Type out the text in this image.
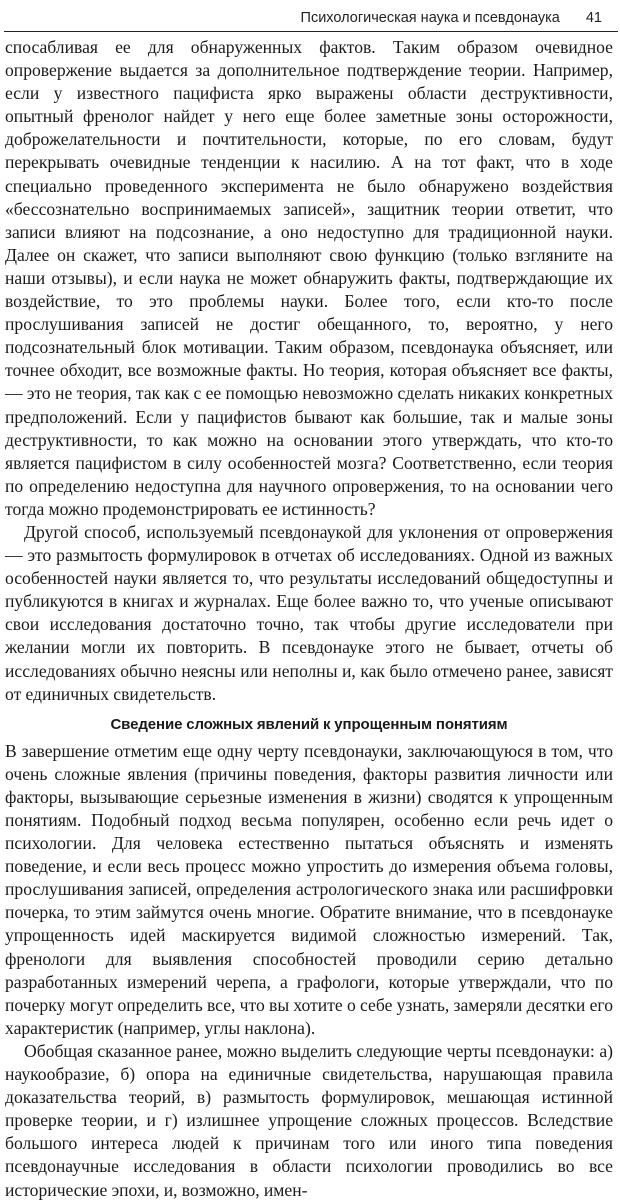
Психологическая наука и псевдонаука 41

спосабливая ее для обнаруженных фактов. Таким образом очевидное опровержение выдается за дополнительное подтверждение теории. Например, если у известного пацифиста ярко выражены области деструктивности, опытный френолог найдет у него еще более заметные зоны осторожности, доброжелательности и почтительности, которые, по его словам, будут перекрывать очевидные тенденции к насилию. А на тот факт, что в ходе специально проведенного эксперимента не было обнаружено воздействия «бессознательно воспринимаемых записей», защитник теории ответит, что записи влияют на подсознание, а оно недоступно для традиционной науки. Далее он скажет, что записи выполняют свою функцию (только взгляните на наши отзывы), и если наука не может обнаружить факты, подтверждающие их воздействие, то это проблемы науки. Более того, если кто-то после прослушивания записей не достиг обещанного, то, вероятно, у него подсознательный блок мотивации. Таким образом, псевдонаука объясняет, или точнее обходит, все возможные факты. Но теория, которая объясняет все факты, — это не теория, так как с ее помощью невозможно сделать никаких конкретных предположений. Если у пацифистов бывают как большие, так и малые зоны деструктивности, то как можно на основании этого утверждать, что кто-то является пацифистом в силу особенностей мозга? Соответственно, если теория по определению недоступна для научного опровержения, то на основании чего тогда можно продемонстрировать ее истинность?

Другой способ, используемый псевдонаукой для уклонения от опровержения — это размытость формулировок в отчетах об исследованиях. Одной из важных особенностей науки является то, что результаты исследований общедоступны и публикуются в книгах и журналах. Еще более важно то, что ученые описывают свои исследования достаточно точно, так чтобы другие исследователи при желании могли их повторить. В псевдонауке этого не бывает, отчеты об исследованиях обычно неясны или неполны и, как было отмечено ранее, зависят от единичных свидетельств.

Сведение сложных явлений к упрощенным понятиям

В завершение отметим еще одну черту псевдонауки, заключающуюся в том, что очень сложные явления (причины поведения, факторы развития личности или факторы, вызывающие серьезные изменения в жизни) сводятся к упрощенным понятиям. Подобный подход весьма популярен, особенно если речь идет о психологии. Для человека естественно пытаться объяснять и изменять поведение, и если весь процесс можно упростить до измерения объема головы, прослушивания записей, определения астрологического знака или расшифровки почерка, то этим займутся очень многие. Обратите внимание, что в псевдонауке упрощенность идей маскируется видимой сложностью измерений. Так, френологи для выявления способностей проводили серию детально разработанных измерений черепа, а графологи, которые утверждали, что по почерку могут определить все, что вы хотите о себе узнать, замеряли десятки его характеристик (например, углы наклона).

Обобщая сказанное ранее, можно выделить следующие черты псевдонауки: а) наукообразие, б) опора на единичные свидетельства, нарушающая правила доказательства теорий, в) размытость формулировок, мешающая истинной проверке теории, и г) излишнее упрощение сложных процессов. Вследствие большого интереса людей к причинам того или иного типа поведения псевдонаучные исследования в области психологии проводились во все исторические эпохи, и, возможно, имен-
